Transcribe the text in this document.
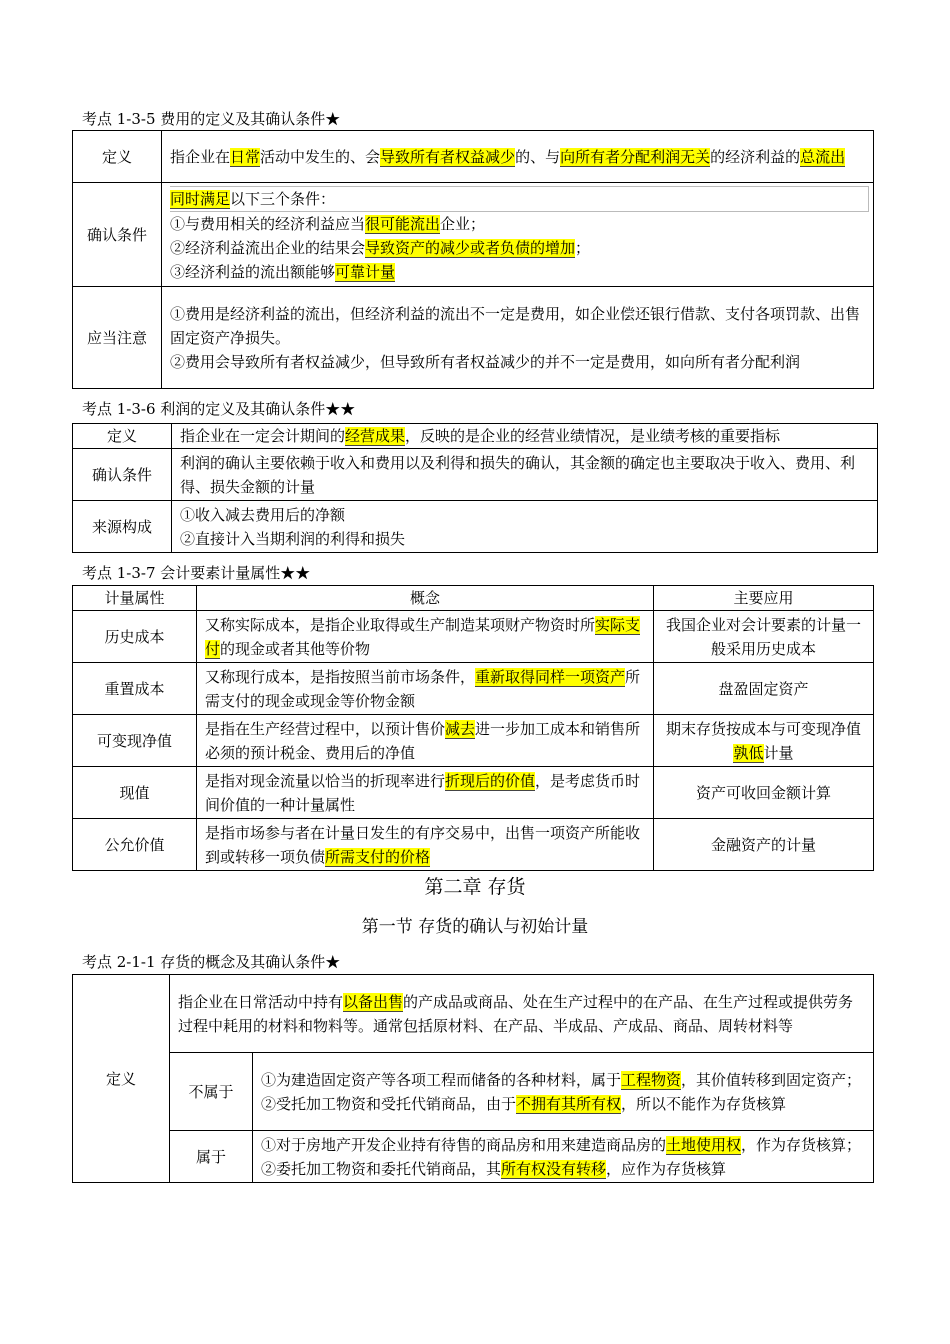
考点 1-3-5 费用的定义及其确认条件★
定义	指企业在日常活动中发生的、会导致所有者权益减少的、与向所有者分配利润无关的经济利益的总流出
确认条件	同时满足以下三个条件：
①与费用相关的经济利益应当很可能流出企业；
②经济利益流出企业的结果会导致资产的减少或者负债的增加；
③经济利益的流出额能够可靠计量

应当注意	①费用是经济利益的流出，但经济利益的流出不一定是费用，如企业偿还银行借款、支付各项罚款、出售固定资产净损失。
②费用会导致所有者权益减少，但导致所有者权益减少的并不一定是费用，如向所有者分配利润
考点 1-3-6 利润的定义及其确认条件★★
定义	指企业在一定会计期间的经营成果，反映的是企业的经营业绩情况，是业绩考核的重要指标
确认条件	利润的确认主要依赖于收入和费用以及利得和损失的确认，其金额的确定也主要取决于收入、费用、利得、损失金额的计量
来源构成	①收入减去费用后的净额
②直接计入当期利润的利得和损失
考点 1-3-7 会计要素计量属性★★
计量属性	概念	主要应用
历史成本	又称实际成本，是指企业取得或生产制造某项财产物资时所实际支付的现金或者其他等价物	我国企业对会计要素的计量一般采用历史成本
重置成本	又称现行成本，是指按照当前市场条件，重新取得同样一项资产所需支付的现金或现金等价物金额	盘盈固定资产
可变现净值	是指在生产经营过程中，以预计售价减去进一步加工成本和销售所必须的预计税金、费用后的净值	期末存货按成本与可变现净值孰低计量
现值	是指对现金流量以恰当的折现率进行折现后的价值，是考虑货币时间价值的一种计量属性	资产可收回金额计算
公允价值	是指市场参与者在计量日发生的有序交易中，出售一项资产所能收到或转移一项负债所需支付的价格	金融资产的计量
第二章 存货
第一节 存货的确认与初始计量
考点 2-1-1 存货的概念及其确认条件★
定义	指企业在日常活动中持有以备出售的产成品或商品、处在生产过程中的在产品、在生产过程或提供劳务过程中耗用的材料和物料等。通常包括原材料、在产品、半成品、产成品、商品、周转材料等	
	不属于	①为建造固定资产等各项工程而储备的各种材料，属于工程物资，其价值转移到固定资产；②受托加工物资和受托代销商品，由于不拥有其所有权，所以不能作为存货核算
	属于	①对于房地产开发企业持有待售的商品房和用来建造商品房的土地使用权，作为存货核算；②委托加工物资和委托代销商品，其所有权没有转移，应作为存货核算
